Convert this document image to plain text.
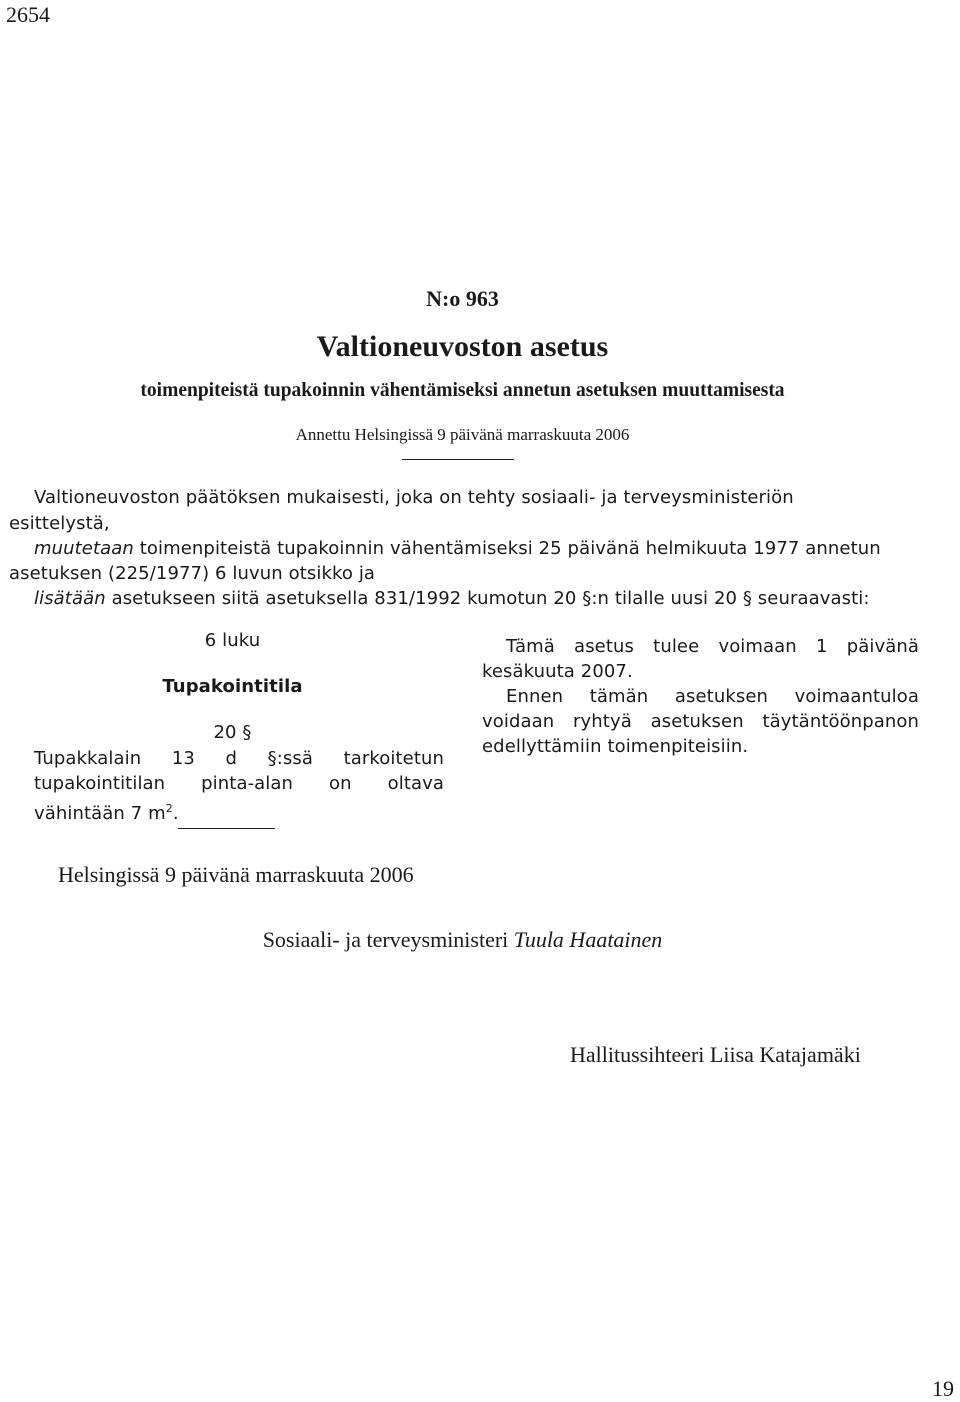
2654
N:o 963
Valtioneuvoston asetus
toimenpiteistä tupakoinnin vähentämiseksi annetun asetuksen muuttamisesta
Annettu Helsingissä 9 päivänä marraskuuta 2006
Valtioneuvoston päätöksen mukaisesti, joka on tehty sosiaali- ja terveysministeriön
esittelystä,
muutetaan toimenpiteistä tupakoinnin vähentämiseksi 25 päivänä helmikuuta 1977 annetun
asetuksen (225/1977) 6 luvun otsikko ja
lisätään asetukseen siitä asetuksella 831/1992 kumotun 20 §:n tilalle uusi 20 § seuraavasti:
6 luku
Tupakointitila
20 §
Tupakkalain 13 d §:ssä tarkoitetun tupakointitilan pinta-alan on oltava vähintään 7 $m^2$.

Tämä asetus tulee voimaan 1 päivänä kesäkuuta 2007.

Ennen tämän asetuksen voimaantuloa voidaan ryhtyä asetuksen täytäntöönpanon edellyttämiin toimenpiteisiin.

Helsingissä 9 päivänä marraskuuta 2006
Sosiaali- ja terveysministeri Tuula Haatainen
Hallitussihteeri Liisa Katajamäki
19
